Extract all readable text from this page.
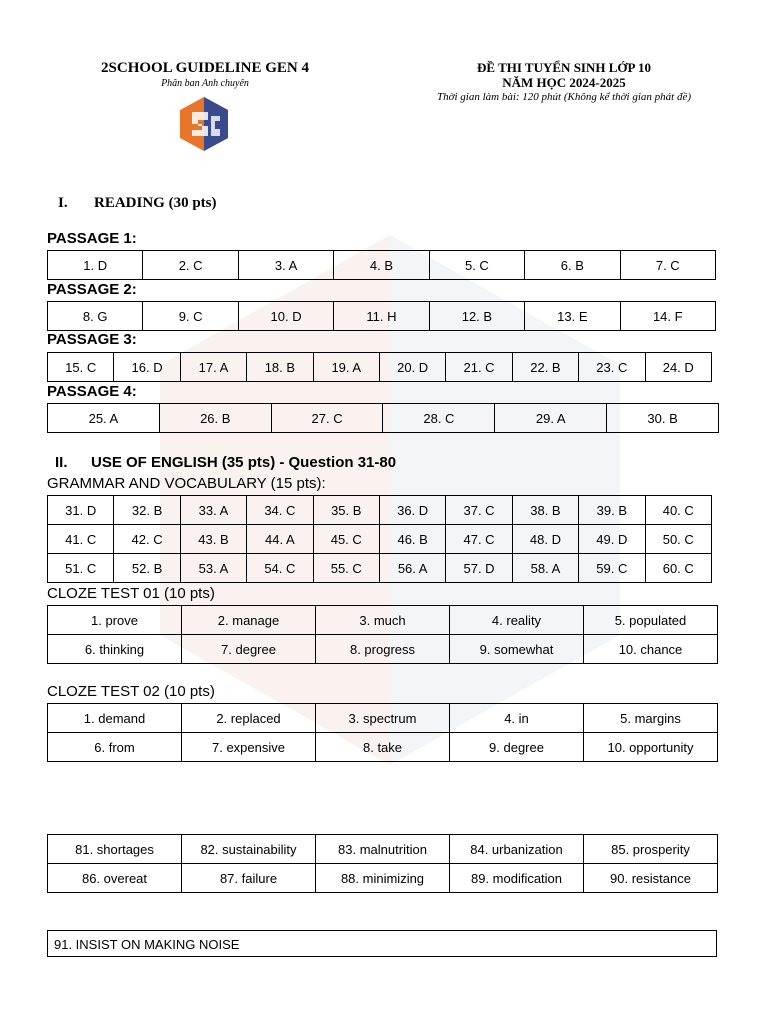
2SCHOOL GUIDELINE GEN 4
Phân ban Anh chuyên
ĐỀ THI TUYỂN SINH LỚP 10
NĂM HỌC 2024-2025
Thời gian làm bài: 120 phút (Không kể thời gian phát đề)
I. READING (30 pts)
PASSAGE 1:
1. D	2. C	3. A	4. B	5. C	6. B	7. C
PASSAGE 2:
8. G	9. C	10. D	11. H	12. B	13. E	14. F
PASSAGE 3:
15. C	16. D	17. A	18. B	19. A	20. D	21. C	22. B	23. C	24. D
PASSAGE 4:
25. A	26. B	27. C	28. C	29. A	30. B
II. USE OF ENGLISH (35 pts) - Question 31-80
GRAMMAR AND VOCABULARY (15 pts):
31. D	32. B	33. A	34. C	35. B	36. D	37. C	38. B	39. B	40. C
41. C	42. C	43. B	44. A	45. C	46. B	47. C	48. D	49. D	50. C
51. C	52. B	53. A	54. C	55. C	56. A	57. D	58. A	59. C	60. C
CLOZE TEST 01 (10 pts)
1. prove	2. manage	3. much	4. reality	5. populated
6. thinking	7. degree	8. progress	9. somewhat	10. chance
CLOZE TEST 02 (10 pts)
1. demand	2. replaced	3. spectrum	4. in	5. margins
6. from	7. expensive	8. take	9. degree	10. opportunity
81. shortages	82. sustainability	83. malnutrition	84. urbanization	85. prosperity
86. overeat	87. failure	88. minimizing	89. modification	90. resistance
91. INSIST ON MAKING NOISE
